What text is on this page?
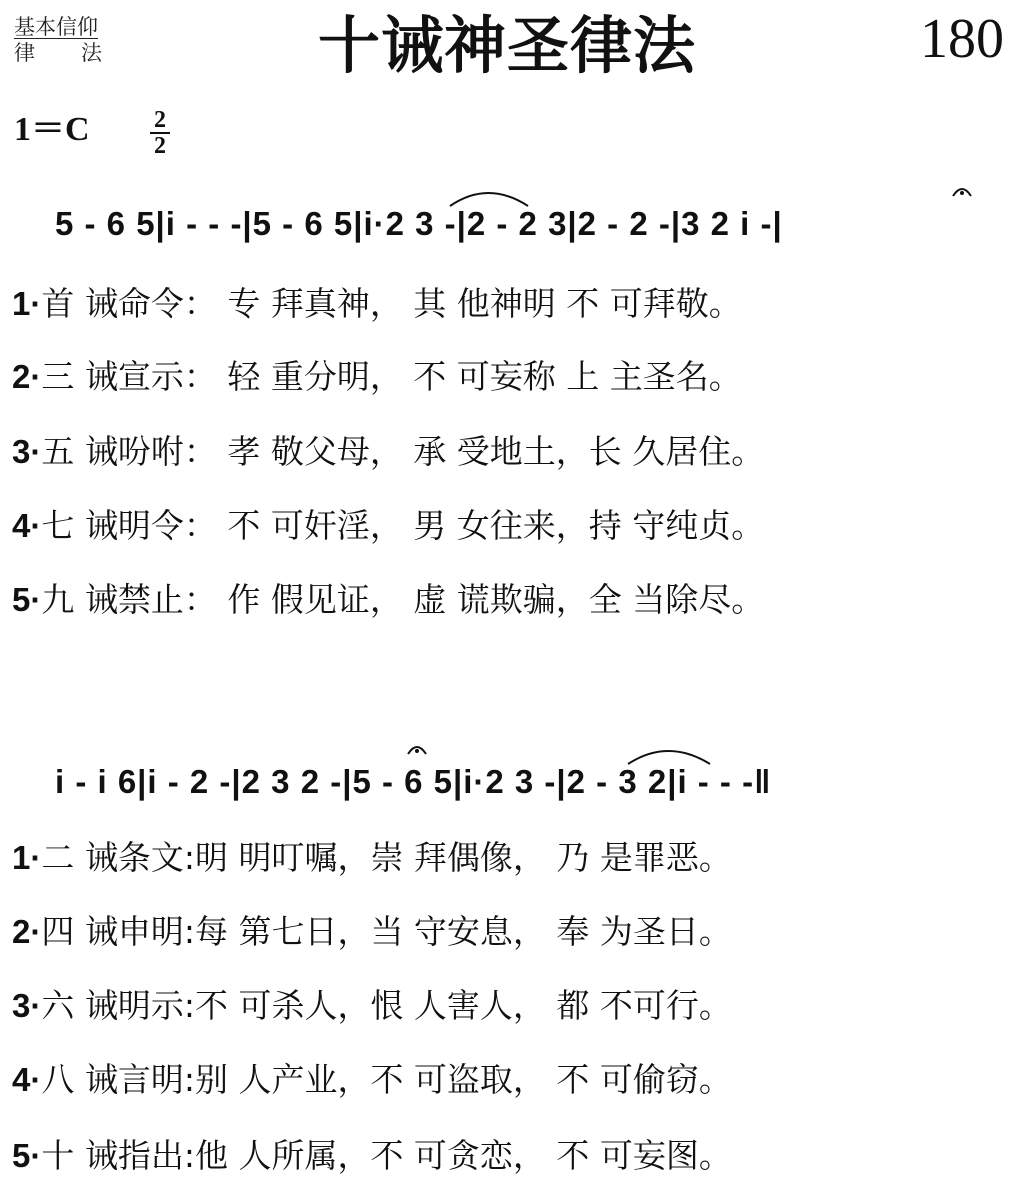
基本信仰
律 法	十诫神圣律法	180
1＝C	$\frac{2}{2}$
5 - 6 5|i - - -|5 - 6 5|i·2 3 -|2 - 2 3|2 - 2 -|3 2 i -|
1·首 诫命令： 专 拜真神， 其 他神明 不 可拜敬。
2·三 诫宣示： 轻 重分明， 不 可妄称 上 主圣名。
3·五 诫吩咐： 孝 敬父母， 承 受地土，长 久居住。
4·七 诫明令： 不 可奸淫， 男 女往来，持 守纯贞。
5·九 诫禁止： 作 假见证， 虚 谎欺骗，全 当除尽。
i - i 6|i - 2 -|2 3 2 -|5 - 6 5|i·2 3 -|2 - 3 2|i - - -‖
1·二 诫条文:明 明叮嘱，崇 拜偶像， 乃 是罪恶。
2·四 诫申明:每 第七日，当 守安息， 奉 为圣日。
3·六 诫明示:不 可杀人，恨 人害人， 都 不可行。
4·八 诫言明:别 人产业，不 可盗取， 不 可偷窃。
5·十 诫指出:他 人所属，不 可贪恋， 不 可妄图。
